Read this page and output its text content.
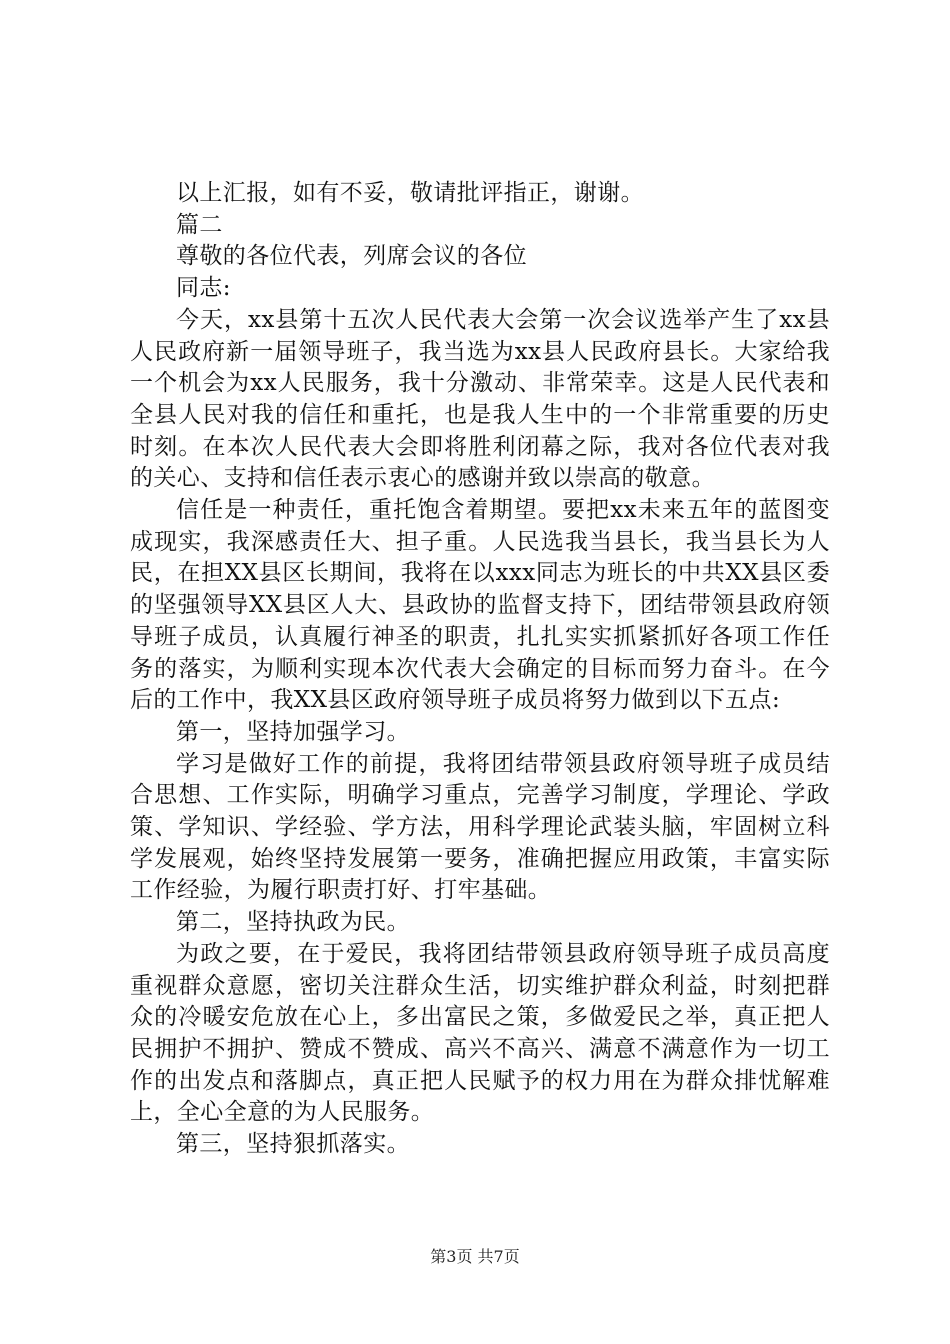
以上汇报，如有不妥，敬请批评指正，谢谢。

篇二

尊敬的各位代表，列席会议的各位

同志:

今天，xx县第十五次人民代表大会第一次会议选举产生了xx县人民政府新一届领导班子，我当选为xx县人民政府县长。大家给我一个机会为xx人民服务，我十分激动、非常荣幸。这是人民代表和全县人民对我的信任和重托，也是我人生中的一个非常重要的历史时刻。在本次人民代表大会即将胜利闭幕之际，我对各位代表对我的关心、支持和信任表示衷心的感谢并致以崇高的敬意。

信任是一种责任，重托饱含着期望。要把xx未来五年的蓝图变成现实，我深感责任大、担子重。人民选我当县长，我当县长为人民，在担XX县区长期间，我将在以xxx同志为班长的中共XX县区委的坚强领导XX县区人大、县政协的监督支持下，团结带领县政府领导班子成员，认真履行神圣的职责，扎扎实实抓紧抓好各项工作任务的落实，为顺利实现本次代表大会确定的目标而努力奋斗。在今后的工作中，我XX县区政府领导班子成员将努力做到以下五点:

第一，坚持加强学习。

学习是做好工作的前提，我将团结带领县政府领导班子成员结合思想、工作实际，明确学习重点，完善学习制度，学理论、学政策、学知识、学经验、学方法，用科学理论武装头脑，牢固树立科学发展观，始终坚持发展第一要务，准确把握应用政策，丰富实际工作经验，为履行职责打好、打牢基础。

第二，坚持执政为民。

为政之要，在于爱民，我将团结带领县政府领导班子成员高度重视群众意愿，密切关注群众生活，切实维护群众利益，时刻把群众的冷暖安危放在心上，多出富民之策，多做爱民之举，真正把人民拥护不拥护、赞成不赞成、高兴不高兴、满意不满意作为一切工作的出发点和落脚点，真正把人民赋予的权力用在为群众排忧解难上，全心全意的为人民服务。

第三，坚持狠抓落实。

第3页 共7页
